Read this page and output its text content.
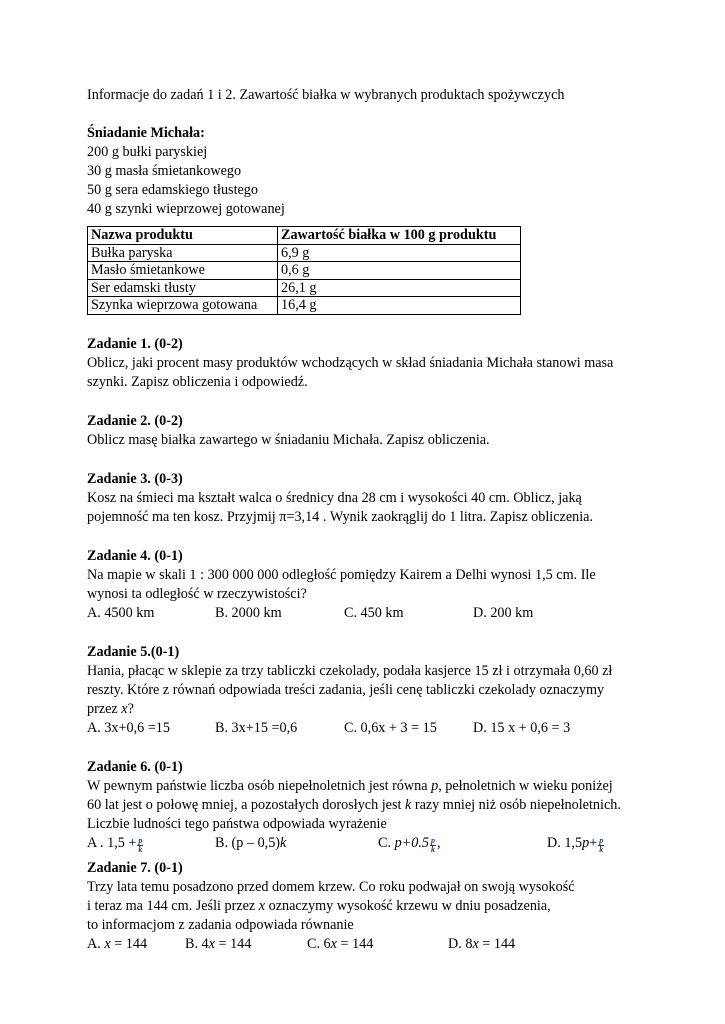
Informacje do zadań 1 i 2. Zawartość białka w wybranych produktach spożywczych

Śniadanie Michała:

200 g bułki paryskiej

30 g masła śmietankowego

50 g sera edamskiego tłustego

40 g szynki wieprzowej gotowanej

Nazwa produktu	Zawartość białka w 100 g produktu
Bułka paryska	6,9 g
Masło śmietankowe	0,6 g
Ser edamski tłusty	26,1 g
Szynka wieprzowa gotowana	16,4 g

Zadanie 1. (0-2)

Oblicz, jaki procent masy produktów wchodzących w skład śniadania Michała stanowi masa

szynki. Zapisz obliczenia i odpowiedź.

Zadanie 2. (0-2)

Oblicz masę białka zawartego w śniadaniu Michała. Zapisz obliczenia.

Zadanie 3. (0-3)

Kosz na śmieci ma kształt walca o średnicy dna 28 cm i wysokości 40 cm. Oblicz, jaką

pojemność ma ten kosz. Przyjmij π=3,14 . Wynik zaokrąglij do 1 litra. Zapisz obliczenia.

Zadanie 4. (0-1)

Na mapie w skali 1 : 300 000 000 odległość pomiędzy Kairem a Delhi wynosi 1,5 cm. Ile

wynosi ta odległość w rzeczywistości?

A. 4500 km	B. 2000 km	C. 450 km	D. 200 km

Zadanie 5.(0-1)

Hania, płacąc w sklepie za trzy tabliczki czekolady, podała kasjerce 15 zł i otrzymała 0,60 zł

reszty. Które z równań odpowiada treści zadania, jeśli cenę tabliczki czekolady oznaczymy

przez x?

A. 3x+0,6 =15	B. 3x+15 =0,6	C. 0,6x + 3 = 15	D. 15 x + 0,6 = 3

Zadanie 6. (0-1)

W pewnym państwie liczba osób niepełnoletnich jest równa p, pełnoletnich w wieku poniżej

60 lat jest o połowę mniej, a pozostałych dorosłych jest k razy mniej niż osób niepełnoletnich.

Liczbie ludności tego państwa odpowiada wyrażenie

A . $1,5 + \frac{p}{k}$	B. (p – 0,5)k	C. $p+0.5 \frac{p}{k}$ ,	D. $1,5p+ \frac{p}{k}$

Zadanie 7. (0-1)

Trzy lata temu posadzono przed domem krzew. Co roku podwajał on swoją wysokość

i teraz ma 144 cm. Jeśli przez x oznaczymy wysokość krzewu w dniu posadzenia,

to informacjom z zadania odpowiada równanie

A. x = 144	B. 4x = 144	C. 6x = 144	D. 8x = 144
